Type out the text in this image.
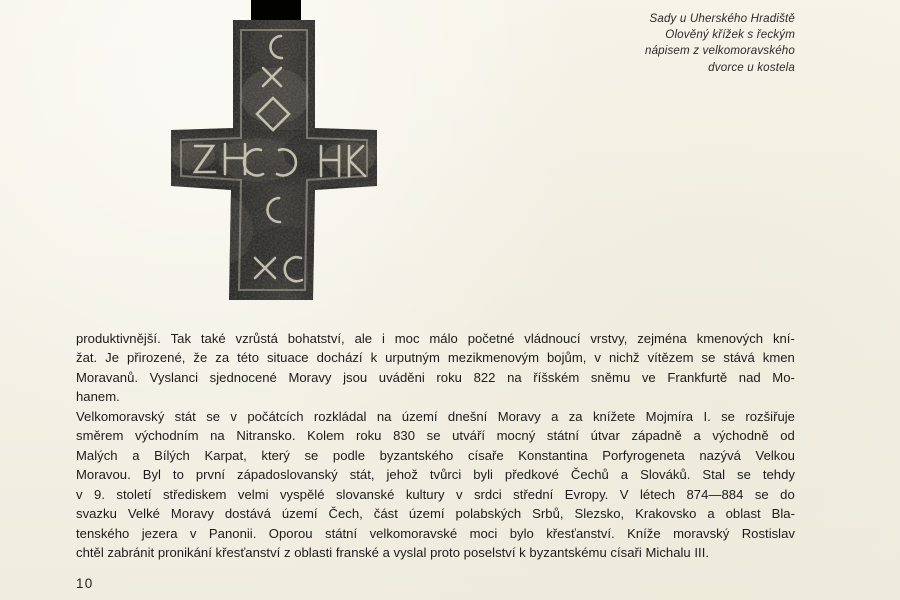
Sady u Uherského Hradiště
Olověný křížek s řeckým
nápisem z velkomoravského
dvorce u kostela

produktivnější. Tak také vzrůstá bohatství, ale i moc málo početné vládnoucí vrstvy, zejména kmenových kní-
žat. Je přirozené, že za této situace dochází k urputným mezikmenovým bojům, v nichž vítězem se stává kmen
Moravanů. Vyslanci sjednocené Moravy jsou uváděni roku 822 na říšském sněmu ve Frankfurtě nad Mo-
hanem.

Velkomoravský stát se v počátcích rozkládal na území dnešní Moravy a za knížete Mojmíra I. se rozšiřuje
směrem východním na Nitransko. Kolem roku 830 se utváří mocný státní útvar západně a východně od
Malých a Bílých Karpat, který se podle byzantského císaře Konstantina Porfyrogeneta nazývá Velkou
Moravou. Byl to první západoslovanský stát, jehož tvůrci byli předkové Čechů a Slováků. Stal se tehdy
v 9. století střediskem velmi vyspělé slovanské kultury v srdci střední Evropy. V létech 874—884 se do
svazku Velké Moravy dostává území Čech, část území polabských Srbů, Slezsko, Krakovsko a oblast Bla-
tenského jezera v Panonii. Oporou státní velkomoravské moci bylo křesťanství. Kníže moravský Rostislav
chtěl zabránit pronikání křesťanství z oblasti franské a vyslal proto poselství k byzantskému císaři Michalu III.

10
